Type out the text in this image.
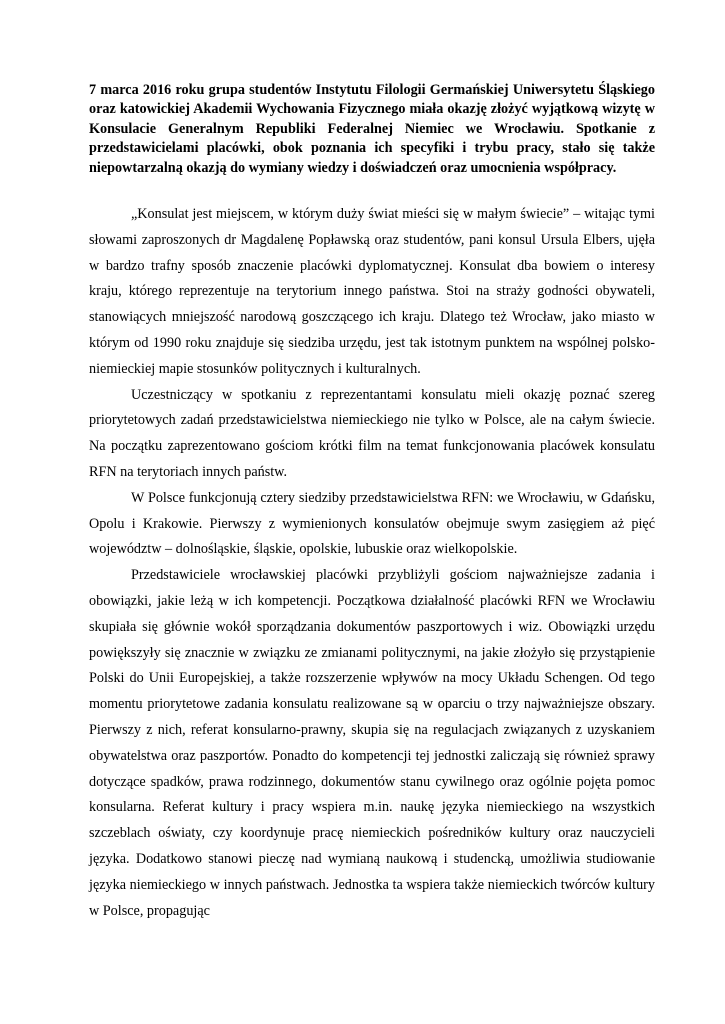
7 marca 2016 roku grupa studentów Instytutu Filologii Germańskiej Uniwersytetu Śląskiego oraz katowickiej Akademii Wychowania Fizycznego miała okazję złożyć wyjątkową wizytę w Konsulacie Generalnym Republiki Federalnej Niemiec we Wrocławiu. Spotkanie z przedstawicielami placówki, obok poznania ich specyfiki i trybu pracy, stało się także niepowtarzalną okazją do wymiany wiedzy i doświadczeń oraz umocnienia współpracy.

„Konsulat jest miejscem, w którym duży świat mieści się w małym świecie” – witając tymi słowami zaproszonych dr Magdalenę Popławską oraz studentów, pani konsul Ursula Elbers, ujęła w bardzo trafny sposób znaczenie placówki dyplomatycznej. Konsulat dba bowiem o interesy kraju, którego reprezentuje na terytorium innego państwa. Stoi na straży godności obywateli, stanowiących mniejszość narodową goszczącego ich kraju. Dlatego też Wrocław, jako miasto w którym od 1990 roku znajduje się siedziba urzędu, jest tak istotnym punktem na wspólnej polsko-niemieckiej mapie stosunków politycznych i kulturalnych.

Uczestniczący w spotkaniu z reprezentantami konsulatu mieli okazję poznać szereg priorytetowych zadań przedstawicielstwa niemieckiego nie tylko w Polsce, ale na całym świecie. Na początku zaprezentowano gościom krótki film na temat funkcjonowania placówek konsulatu RFN na terytoriach innych państw.

W Polsce funkcjonują cztery siedziby przedstawicielstwa RFN: we Wrocławiu, w Gdańsku, Opolu i Krakowie. Pierwszy z wymienionych konsulatów obejmuje swym zasięgiem aż pięć województw – dolnośląskie, śląskie, opolskie, lubuskie oraz wielkopolskie.

Przedstawiciele wrocławskiej placówki przybliżyli gościom najważniejsze zadania i obowiązki, jakie leżą w ich kompetencji. Początkowa działalność placówki RFN we Wrocławiu skupiała się głównie wokół sporządzania dokumentów paszportowych i wiz. Obowiązki urzędu powiększyły się znacznie w związku ze zmianami politycznymi, na jakie złożyło się przystąpienie Polski do Unii Europejskiej, a także rozszerzenie wpływów na mocy Układu Schengen. Od tego momentu priorytetowe zadania konsulatu realizowane są w oparciu o trzy najważniejsze obszary. Pierwszy z nich, referat konsularno-prawny, skupia się na regulacjach związanych z uzyskaniem obywatelstwa oraz paszportów. Ponadto do kompetencji tej jednostki zaliczają się również sprawy dotyczące spadków, prawa rodzinnego, dokumentów stanu cywilnego oraz ogólnie pojęta pomoc konsularna. Referat kultury i pracy wspiera m.in. naukę języka niemieckiego na wszystkich szczeblach oświaty, czy koordynuje pracę niemieckich pośredników kultury oraz nauczycieli języka. Dodatkowo stanowi pieczę nad wymianą naukową i studencką, umożliwia studiowanie języka niemieckiego w innych państwach. Jednostka ta wspiera także niemieckich twórców kultury w Polsce, propagując
